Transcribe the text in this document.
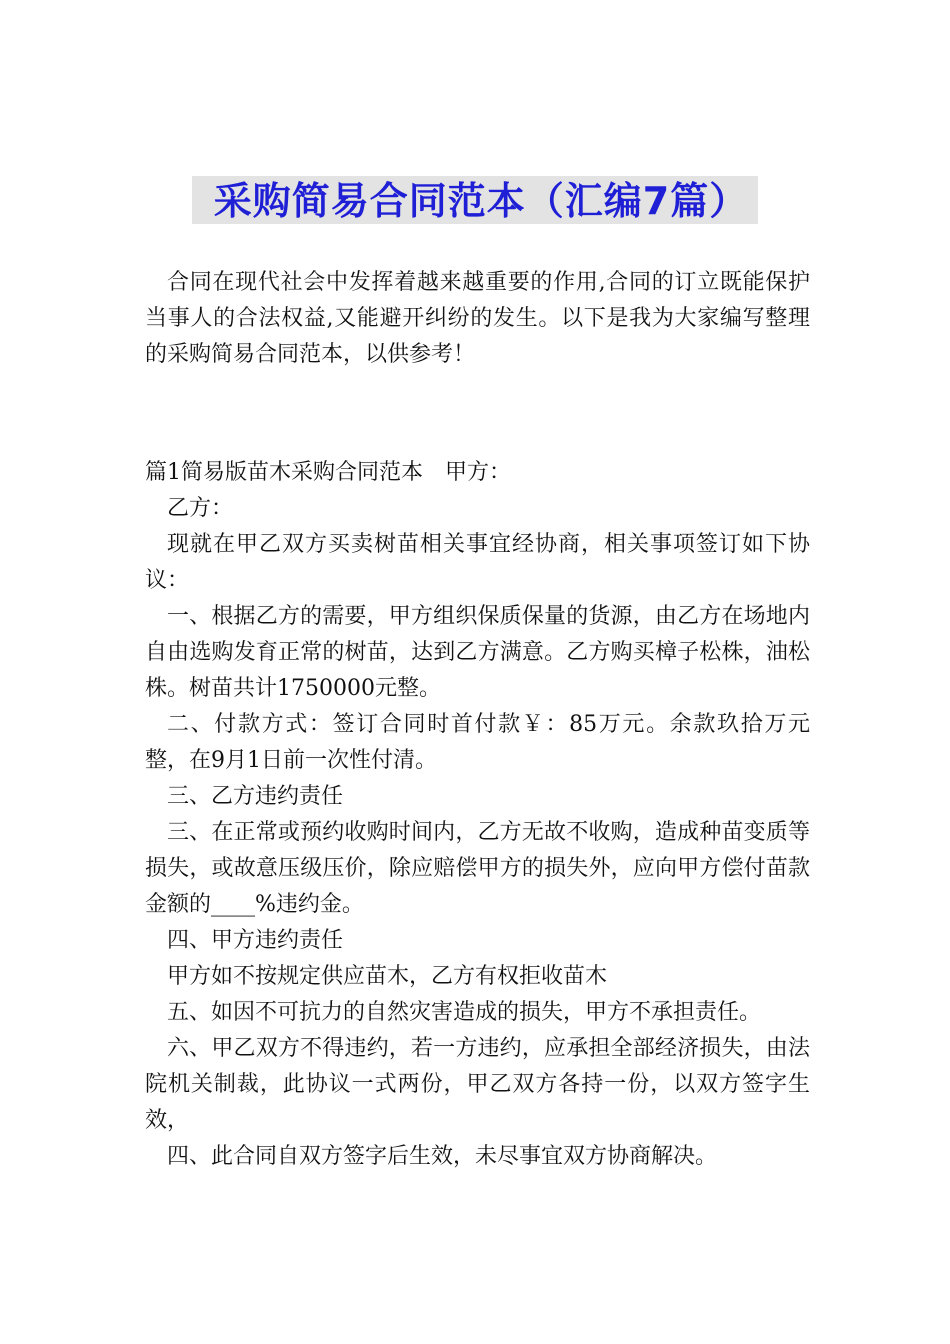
采购简易合同范本（汇编7篇）

合同在现代社会中发挥着越来越重要的作用,合同的订立既能保护当事人的合法权益,又能避开纠纷的发生。以下是我为大家编写整理的采购简易合同范本，以供参考！

篇1简易版苗木采购合同范本　甲方：

乙方：

现就在甲乙双方买卖树苗相关事宜经协商，相关事项签订如下协议：

一、根据乙方的需要，甲方组织保质保量的货源，由乙方在场地内自由选购发育正常的树苗，达到乙方满意。乙方购买樟子松株，油松株。树苗共计1750000元整。

二、付款方式：签订合同时首付款￥：85万元。余款玖拾万元整，在9月1日前一次性付清。

三、乙方违约责任

三、在正常或预约收购时间内，乙方无故不收购，造成种苗变质等损失，或故意压级压价，除应赔偿甲方的损失外，应向甲方偿付苗款金额的____%违约金。

四、甲方违约责任

甲方如不按规定供应苗木，乙方有权拒收苗木

五、如因不可抗力的自然灾害造成的损失，甲方不承担责任。

六、甲乙双方不得违约，若一方违约，应承担全部经济损失，由法院机关制裁，此协议一式两份，甲乙双方各持一份，以双方签字生效，

四、此合同自双方签字后生效，未尽事宜双方协商解决。
